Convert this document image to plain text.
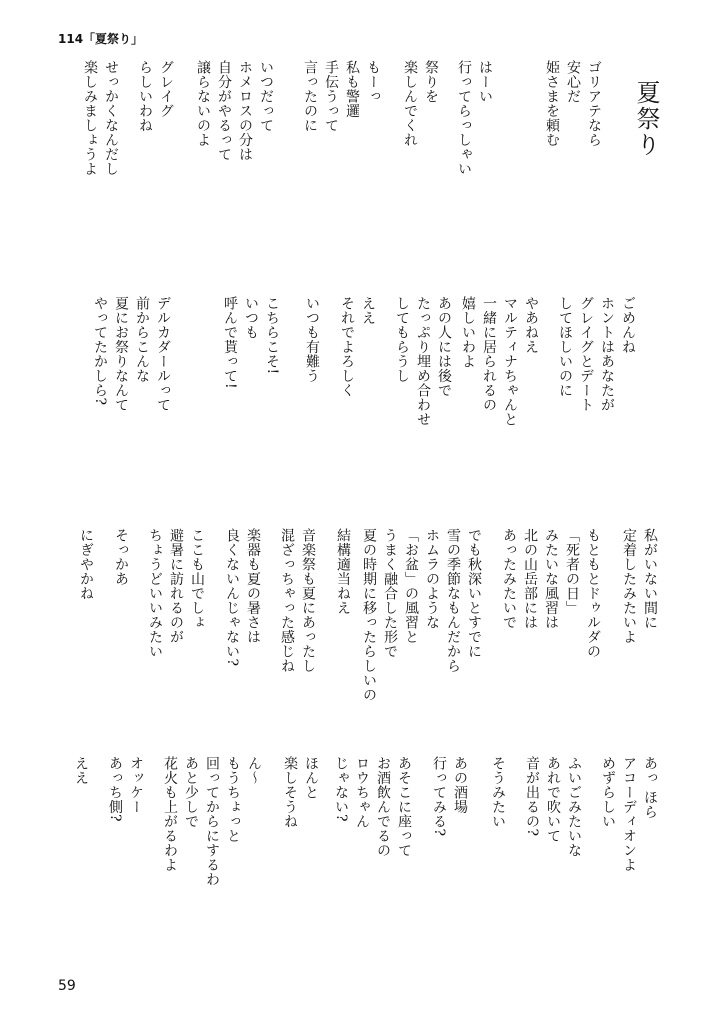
114「夏祭り」
夏祭り
ゴリアテなら
安心だ
姫さまを頼む
はーい
行ってらっしゃい
祭りを
楽しんでくれ
もーっ
私も警邏
手伝うって
言ったのに
いつだって
ホメロスの分は
自分がやるって
譲らないのよ
グレイグ
らしいわね
せっかくなんだし
楽しみましょうよ
ごめんね
ホントはあなたが
グレイグとデート
してほしいのに
やあねえ
マルティナちゃんと
一緒に居られるの
嬉しいわよ
あの人には後で
たっぷり埋め合わせ
してもらうし
ええ
それでよろしく
いつも有難う
こちらこそ!
いつも
呼んで貰って!
デルカダールって
前からこんな
夏にお祭りなんて
やってたかしら?
私がいない間に
定着したみたいよ
もともとドゥルダの
「死者の日」
みたいな風習は
北の山岳部には
あったみたいで
でも秋深いとすでに
雪の季節なもんだから
ホムラのような
「お盆」の風習と
うまく融合した形で
夏の時期に移ったらしいの
結構適当ねえ
音楽祭も夏にあったし
混ざっちゃった感じね
楽器も夏の暑さは
良くないんじゃない?
ここも山でしょ
避暑に訪れるのが
ちょうどいいみたい
そっかあ
にぎやかね
あっ ほら
アコーディオンよ
めずらしい
ふいごみたいな
あれで吹いて
音が出るの?
そうみたい
あの酒場
行ってみる?
あそこに座って
お酒飲んでるの
ロウちゃん
じゃない?
ほんと
楽しそうね
ん〜
もうちょっと
回ってからにするわ
あと少しで
花火も上がるわよ
オッケー
あっち側?
ええ
59
